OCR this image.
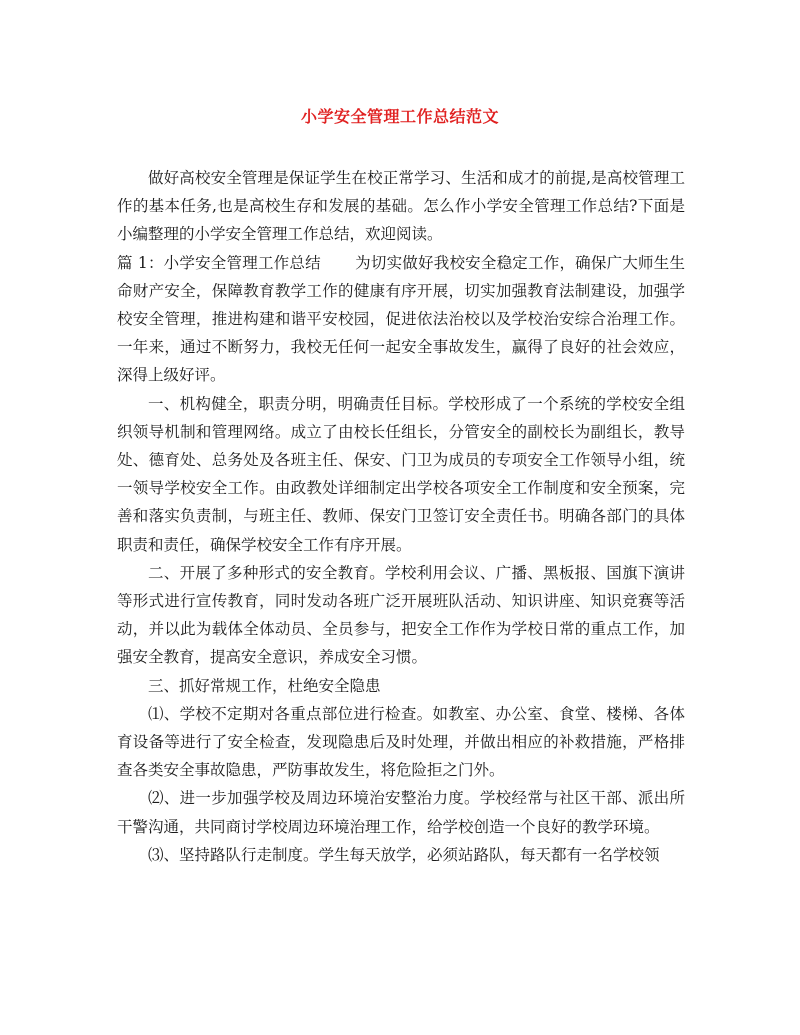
小学安全管理工作总结范文

做好高校安全管理是保证学生在校正常学习、生活和成才的前提,是高校管理工作的基本任务,也是高校生存和发展的基础。怎么作小学安全管理工作总结?下面是小编整理的小学安全管理工作总结，欢迎阅读。

篇 1：小学安全管理工作总结 为切实做好我校安全稳定工作，确保广大师生生命财产安全，保障教育教学工作的健康有序开展，切实加强教育法制建设，加强学校安全管理，推进构建和谐平安校园，促进依法治校以及学校治安综合治理工作。一年来，通过不断努力，我校无任何一起安全事故发生，赢得了良好的社会效应，深得上级好评。

一、机构健全，职责分明，明确责任目标。学校形成了一个系统的学校安全组织领导机制和管理网络。成立了由校长任组长，分管安全的副校长为副组长，教导处、德育处、总务处及各班主任、保安、门卫为成员的专项安全工作领导小组，统一领导学校安全工作。由政教处详细制定出学校各项安全工作制度和安全预案，完善和落实负责制，与班主任、教师、保安门卫签订安全责任书。明确各部门的具体职责和责任，确保学校安全工作有序开展。

二、开展了多种形式的安全教育。学校利用会议、广播、黑板报、国旗下演讲等形式进行宣传教育，同时发动各班广泛开展班队活动、知识讲座、知识竞赛等活动，并以此为载体全体动员、全员参与，把安全工作作为学校日常的重点工作，加强安全教育，提高安全意识，养成安全习惯。

三、抓好常规工作，杜绝安全隐患

⑴、学校不定期对各重点部位进行检查。如教室、办公室、食堂、楼梯、各体育设备等进行了安全检查，发现隐患后及时处理，并做出相应的补救措施，严格排查各类安全事故隐患，严防事故发生，将危险拒之门外。

⑵、进一步加强学校及周边环境治安整治力度。学校经常与社区干部、派出所干警沟通，共同商讨学校周边环境治理工作，给学校创造一个良好的教学环境。

⑶、坚持路队行走制度。学生每天放学，必须站路队，每天都有一名学校领
